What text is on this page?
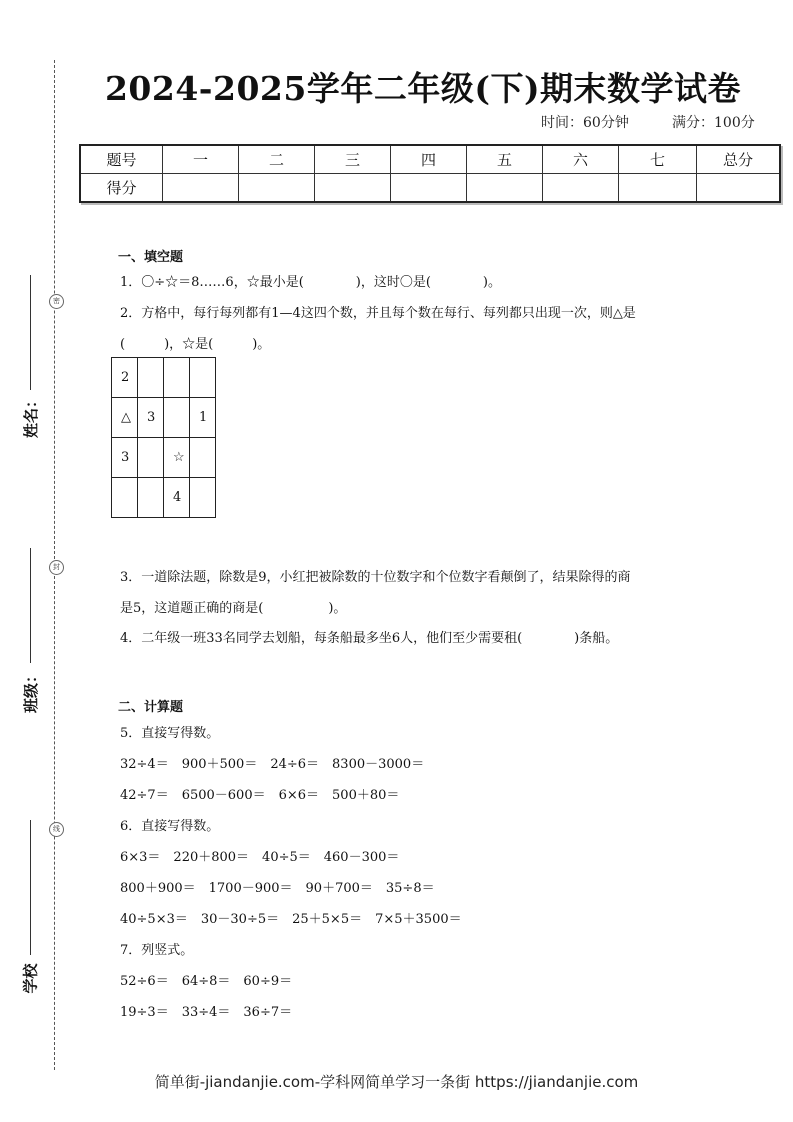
密
封
线
姓名：
班级：
学校
2024-2025学年二年级(下)期末数学试卷
时间：60分钟	满分：100分
题号	一	二	三	四	五	六	七	总分
得分								
一、填空题
1．〇÷☆＝8……6，☆最小是(　　　　)，这时〇是(　　　　)。
2．方格中，每行每列都有1—4这四个数，并且每个数在每行、每列都只出现一次，则△是
(　　　)，☆是(　　　)。
2			
△	3		1
3		☆	
		4	
3．一道除法题，除数是9，小红把被除数的十位数字和个位数字看颠倒了，结果除得的商
是5，这道题正确的商是(　　　　　)。
4．二年级一班33名同学去划船，每条船最多坐6人，他们至少需要租(　　　　)条船。
二、计算题
5．直接写得数。
32÷4＝　900＋500＝　24÷6＝　8300－3000＝
42÷7＝　6500－600＝　6×6＝　500＋80＝
6．直接写得数。
6×3＝　220＋800＝　40÷5＝　460－300＝
800＋900＝　1700－900＝　90＋700＝　35÷8＝
40÷5×3＝　30－30÷5＝　25＋5×5＝　7×5＋3500＝
7．列竖式。
52÷6＝　64÷8＝　60÷9＝
19÷3＝　33÷4＝　36÷7＝
简单街-jiandanjie.com-学科网简单学习一条街 https://jiandanjie.com
